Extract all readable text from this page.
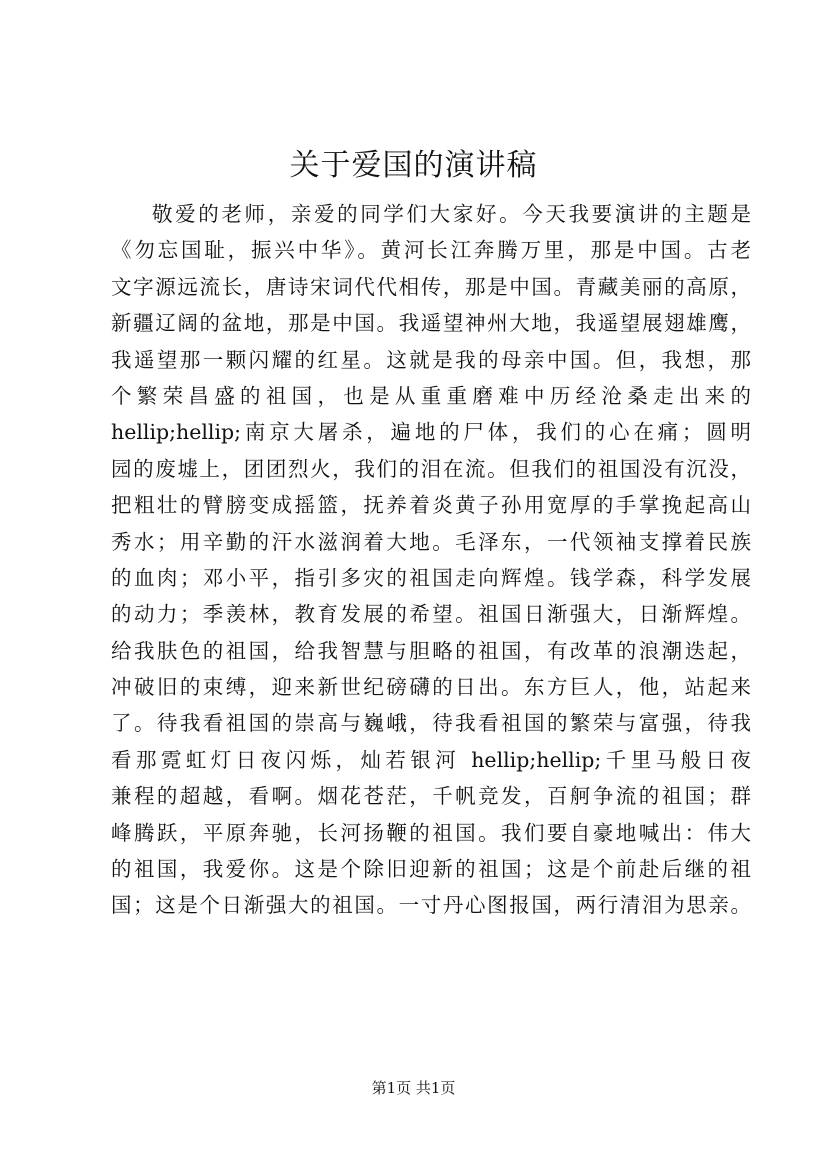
关于爱国的演讲稿
敬爱的老师，亲爱的同学们大家好。今天我要演讲的主题是
《勿忘国耻，振兴中华》。黄河长江奔腾万里，那是中国。古老
文字源远流长，唐诗宋词代代相传，那是中国。青藏美丽的高原，
新疆辽阔的盆地，那是中国。我遥望神州大地，我遥望展翅雄鹰，
我遥望那一颗闪耀的红星。这就是我的母亲中国。但，我想，那
个繁荣昌盛的祖国，也是从重重磨难中历经沧桑走出来的
hellip;hellip;南京大屠杀，遍地的尸体，我们的心在痛；圆明
园的废墟上，团团烈火，我们的泪在流。但我们的祖国没有沉没，
把粗壮的臂膀变成摇篮，抚养着炎黄子孙用宽厚的手掌挽起高山
秀水；用辛勤的汗水滋润着大地。毛泽东，一代领袖支撑着民族
的血肉；邓小平，指引多灾的祖国走向辉煌。钱学森，科学发展
的动力；季羡林，教育发展的希望。祖国日渐强大，日渐辉煌。
给我肤色的祖国，给我智慧与胆略的祖国，有改革的浪潮迭起，
冲破旧的束缚，迎来新世纪磅礴的日出。东方巨人，他，站起来
了。待我看祖国的崇高与巍峨，待我看祖国的繁荣与富强，待我
看那霓虹灯日夜闪烁，灿若银河 hellip;hellip;千里马般日夜
兼程的超越，看啊。烟花苍茫，千帆竞发，百舸争流的祖国；群
峰腾跃，平原奔驰，长河扬鞭的祖国。我们要自豪地喊出：伟大
的祖国，我爱你。这是个除旧迎新的祖国；这是个前赴后继的祖
国；这是个日渐强大的祖国。一寸丹心图报国，两行清泪为思亲。
第1页 共1页
